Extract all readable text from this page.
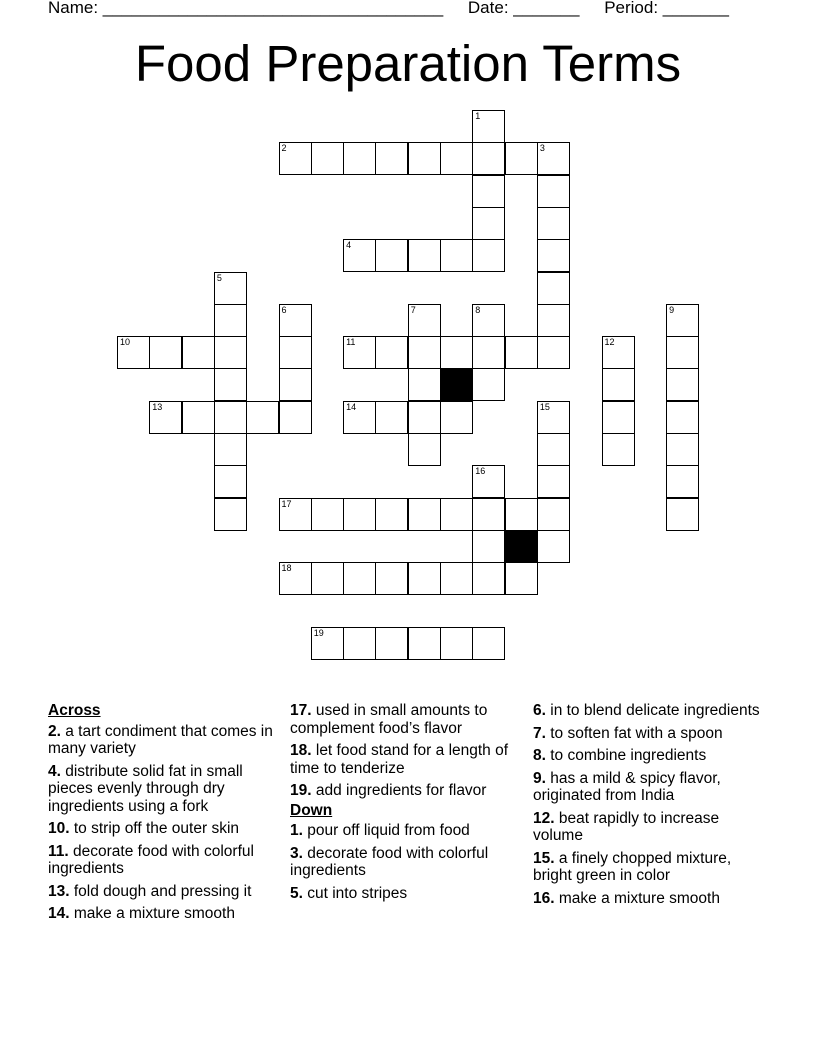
Name: ____________________________________ Date: _______ Period: _______
Food Preparation Terms
1
2	3
4
5
6	7	8	9
10	11	12
13	14	15
16
17
18
19
Across
2. a tart condiment that comes in many variety
4. distribute solid fat in small pieces evenly through dry ingredients using a fork
10. to strip off the outer skin
11. decorate food with colorful ingredients
13. fold dough and pressing it
14. make a mixture smooth
17. used in small amounts to complement food’s flavor
18. let food stand for a length of time to tenderize
19. add ingredients for flavor
Down
1. pour off liquid from food
3. decorate food with colorful ingredients
5. cut into stripes
6. in to blend delicate ingredients
7. to soften fat with a spoon
8. to combine ingredients
9. has a mild & spicy flavor, originated from India
12. beat rapidly to increase volume
15. a finely chopped mixture, bright green in color
16. make a mixture smooth
